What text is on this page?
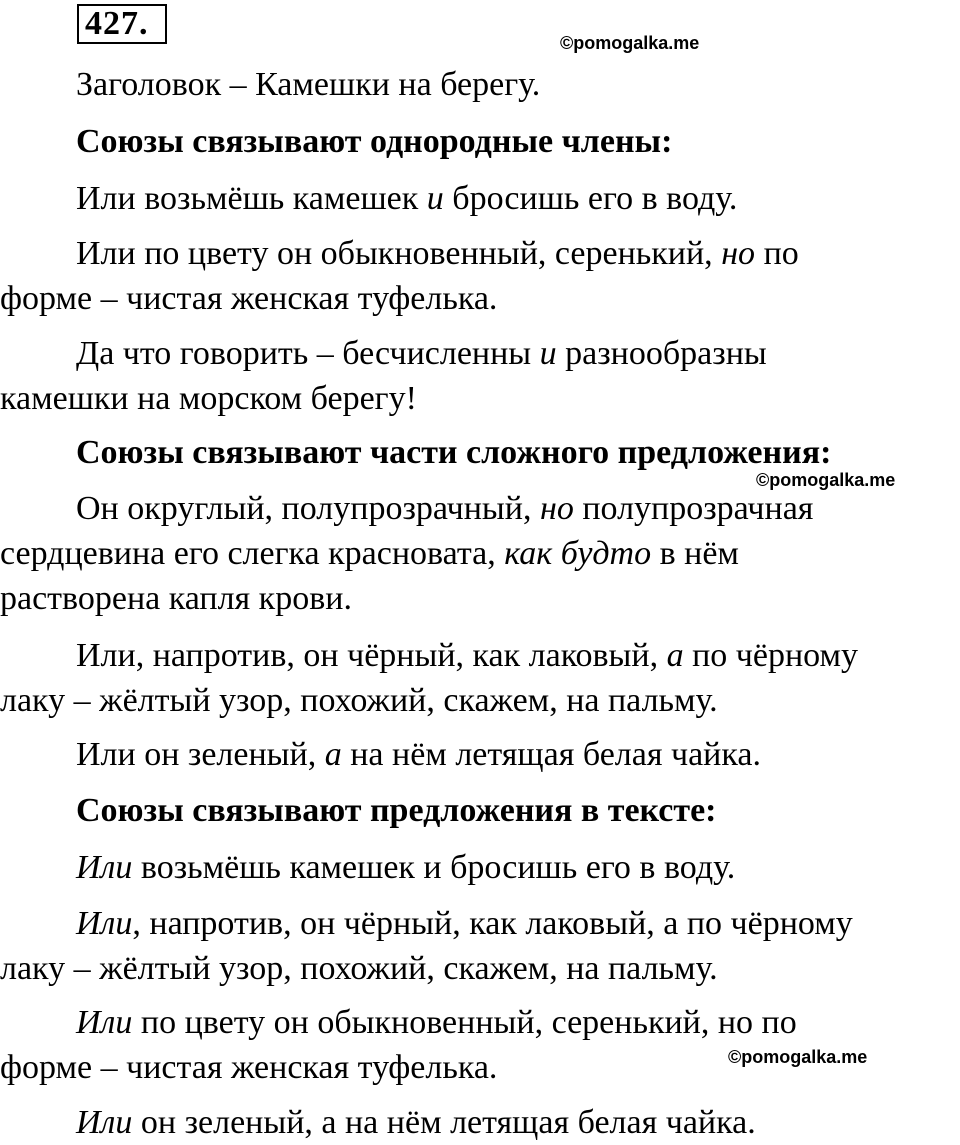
427.
©pomogalka.me
©pomogalka.me
©pomogalka.me
Заголовок – Камешки на берегу.
Союзы связывают однородные члены:
Или возьмёшь камешек и бросишь его в воду.
Или по цвету он обыкновенный, серенький, но по
форме – чистая женская туфелька.
Да что говорить – бесчисленны и разнообразны
камешки на морском берегу!
Союзы связывают части сложного предложения:
Он округлый, полупрозрачный, но полупрозрачная
сердцевина его слегка красновата, как будто в нём
растворена капля крови.
Или, напротив, он чёрный, как лаковый, а по чёрному
лаку – жёлтый узор, похожий, скажем, на пальму.
Или он зеленый, а на нём летящая белая чайка.
Союзы связывают предложения в тексте:
Или возьмёшь камешек и бросишь его в воду.
Или, напротив, он чёрный, как лаковый, а по чёрному
лаку – жёлтый узор, похожий, скажем, на пальму.
Или по цвету он обыкновенный, серенький, но по
форме – чистая женская туфелька.
Или он зеленый, а на нём летящая белая чайка.
